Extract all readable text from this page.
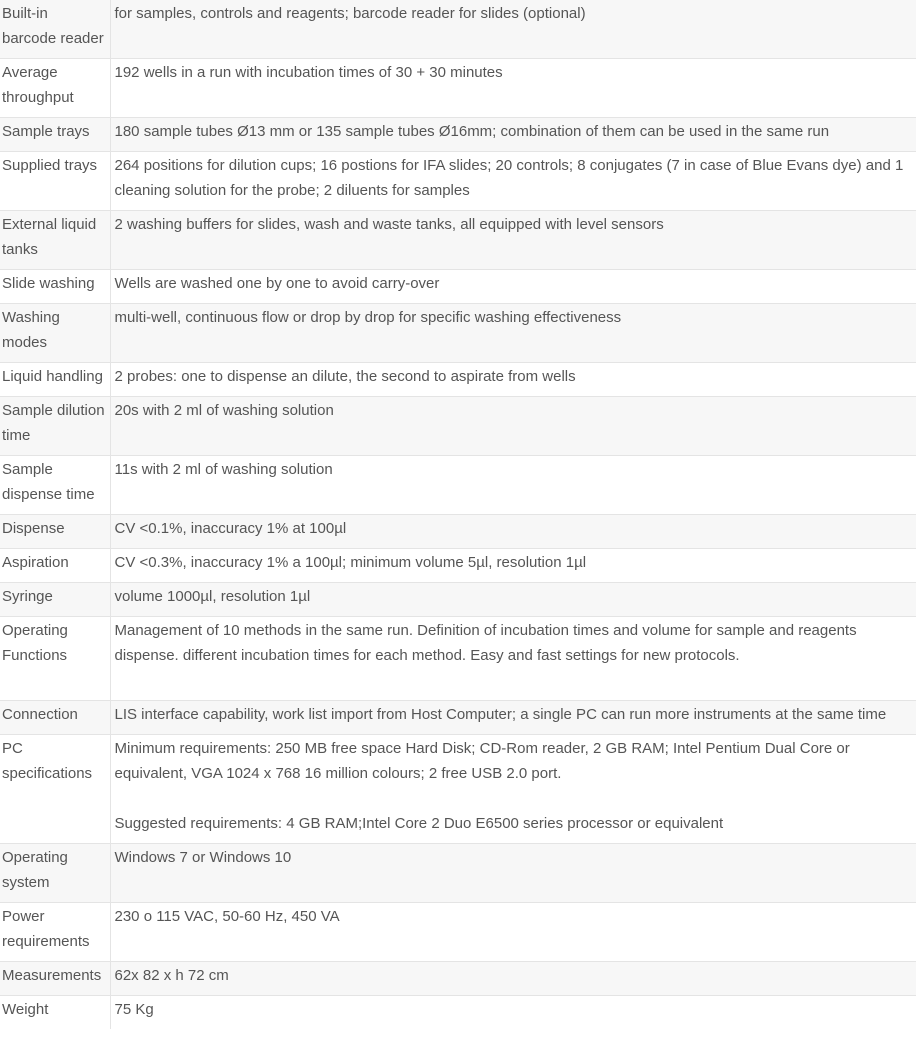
Built-in barcode reader	for samples, controls and reagents; barcode reader for slides (optional)

Average throughput	192 wells in a run with incubation times of 30 + 30 minutes

Sample trays	180 sample tubes Ø13 mm or 135 sample tubes Ø16mm; combination of them can be used in the same run

Supplied trays	264 positions for dilution cups; 16 postions for IFA slides; 20 controls; 8 conjugates (7 in case of Blue Evans dye) and 1 cleaning solution for the probe; 2 diluents for samples

External liquid tanks	2 washing buffers for slides, wash and waste tanks, all equipped with level sensors

Slide washing	Wells are washed one by one to avoid carry-over

Washing modes	multi-well, continuous flow or drop by drop for specific washing effectiveness

Liquid handling	2 probes: one to dispense an dilute, the second to aspirate from wells

Sample dilution time	20s with 2 ml of washing solution

Sample dispense time	11s with 2 ml of washing solution

Dispense	CV <0.1%, inaccuracy 1% at 100µl

Aspiration	CV <0.3%, inaccuracy 1% a 100µl; minimum volume 5µl, resolution 1µl

Syringe	volume 1000µl, resolution 1µl

Operating Functions	Management of 10 methods in the same run. Definition of incubation times and volume for sample and reagents dispense. different incubation times for each method. Easy and fast settings for new protocols.

Connection	LIS interface capability, work list import from Host Computer; a single PC can run more instruments at the same time

PC specifications	Minimum requirements: 250 MB free space Hard Disk; CD-Rom reader, 2 GB RAM; Intel Pentium Dual Core or equivalent, VGA 1024 x 768 16 million colours; 2 free USB 2.0 port.
Suggested requirements: 4 GB RAM;Intel Core 2 Duo E6500 series processor or equivalent

Operating system	Windows 7 or Windows 10

Power requirements	230 o 115 VAC, 50-60 Hz, 450 VA

Measurements	62x 82 x h 72 cm

Weight	75 Kg
